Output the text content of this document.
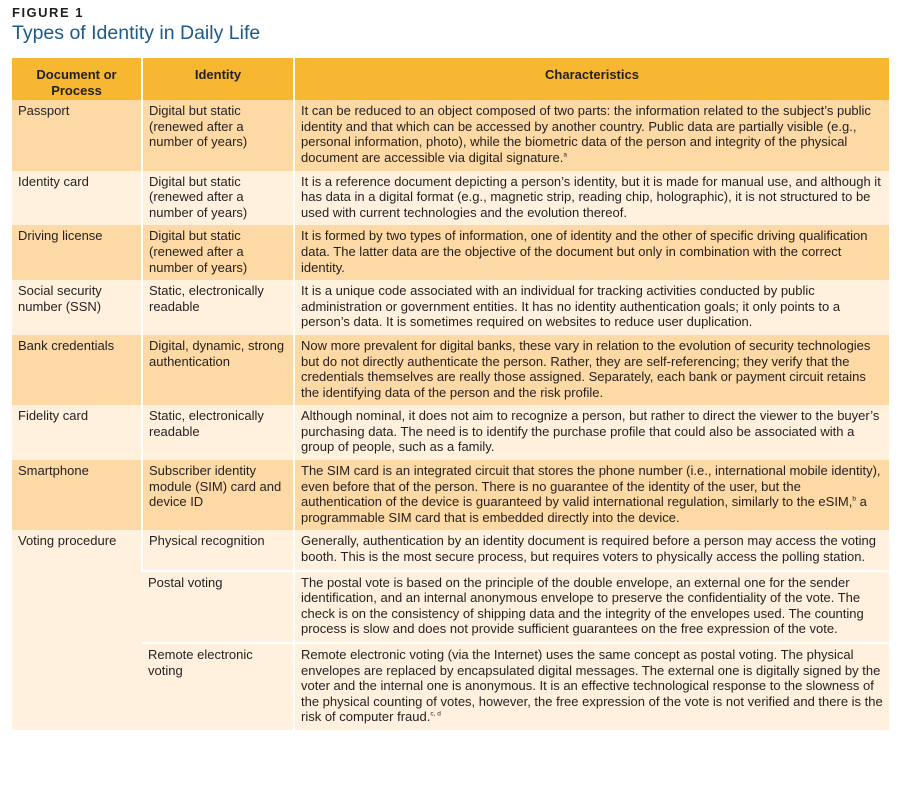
FIGURE 1
Types of Identity in Daily Life
Document or Process	Identity	Characteristics
Passport	Digital but static (renewed after a number of years)	It can be reduced to an object composed of two parts: the information related to the subject’s public identity and that which can be accessed by another country. Public data are partially visible (e.g., personal information, photo), while the biometric data of the person and integrity of the physical document are accessible via digital signature.$^a$
Identity card	Digital but static (renewed after a number of years)	It is a reference document depicting a person’s identity, but it is made for manual use, and although it has data in a digital format (e.g., magnetic strip, reading chip, holographic), it is not structured to be used with current technologies and the evolution thereof.
Driving license	Digital but static (renewed after a number of years)	It is formed by two types of information, one of identity and the other of specific driving qualification data. The latter data are the objective of the document but only in combination with the correct identity.
Social security number (SSN)	Static, electronically readable	It is a unique code associated with an individual for tracking activities conducted by public administration or government entities. It has no identity authentication goals; it only points to a person’s data. It is sometimes required on websites to reduce user duplication.
Bank credentials	Digital, dynamic, strong authentication	Now more prevalent for digital banks, these vary in relation to the evolution of security technologies but do not directly authenticate the person. Rather, they are self-referencing; they verify that the credentials themselves are really those assigned. Separately, each bank or payment circuit retains the identifying data of the person and the risk profile.
Fidelity card	Static, electronically readable	Although nominal, it does not aim to recognize a person, but rather to direct the viewer to the buyer’s purchasing data. The need is to identify the purchase profile that could also be associated with a group of people, such as a family.
Smartphone	Subscriber identity module (SIM) card and device ID	The SIM card is an integrated circuit that stores the phone number (i.e., international mobile identity), even before that of the person. There is no guarantee of the identity of the user, but the authentication of the device is guaranteed by valid international regulation, similarly to the eSIM,$^b$ a programmable SIM card that is embedded directly into the device.
Voting procedure	Physical recognition	Generally, authentication by an identity document is required before a person may access the voting booth. This is the most secure process, but requires voters to physically access the polling station.
	Postal voting	The postal vote is based on the principle of the double envelope, an external one for the sender identification, and an internal anonymous envelope to preserve the confidentiality of the vote. The check is on the consistency of shipping data and the integrity of the envelopes used. The counting process is slow and does not provide sufficient guarantees on the free expression of the vote.
	Remote electronic voting	Remote electronic voting (via the Internet) uses the same concept as postal voting. The physical envelopes are replaced by encapsulated digital messages. The external one is digitally signed by the voter and the internal one is anonymous. It is an effective technological response to the slowness of the physical counting of votes, however, the free expression of the vote is not verified and there is the risk of computer fraud.$^{c, d}$
